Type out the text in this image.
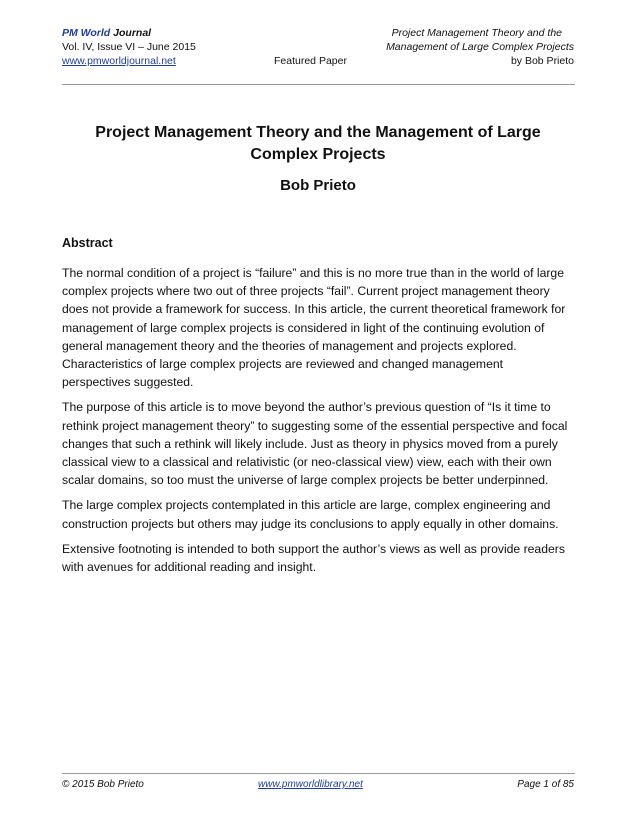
PM World Journal	Project Management Theory and the
Vol. IV, Issue VI – June 2015	Management of Large Complex Projects
www.pmworldjournal.net	Featured Paper	by Bob Prieto
Project Management Theory and the Management of Large Complex Projects
Bob Prieto
Abstract

The normal condition of a project is “failure” and this is no more true than in the world of large complex projects where two out of three projects “fail”. Current project management theory does not provide a framework for success. In this article, the current theoretical framework for management of large complex projects is considered in light of the continuing evolution of general management theory and the theories of management and projects explored. Characteristics of large complex projects are reviewed and changed management perspectives suggested.

The purpose of this article is to move beyond the author’s previous question of “Is it time to rethink project management theory” to suggesting some of the essential perspective and focal changes that such a rethink will likely include. Just as theory in physics moved from a purely classical view to a classical and relativistic (or neo-classical view) view, each with their own scalar domains, so too must the universe of large complex projects be better underpinned.

The large complex projects contemplated in this article are large, complex engineering and construction projects but others may judge its conclusions to apply equally in other domains.

Extensive footnoting is intended to both support the author’s views as well as provide readers with avenues for additional reading and insight.

© 2015 Bob Prieto	www.pmworldlibrary.net	Page 1 of 85
